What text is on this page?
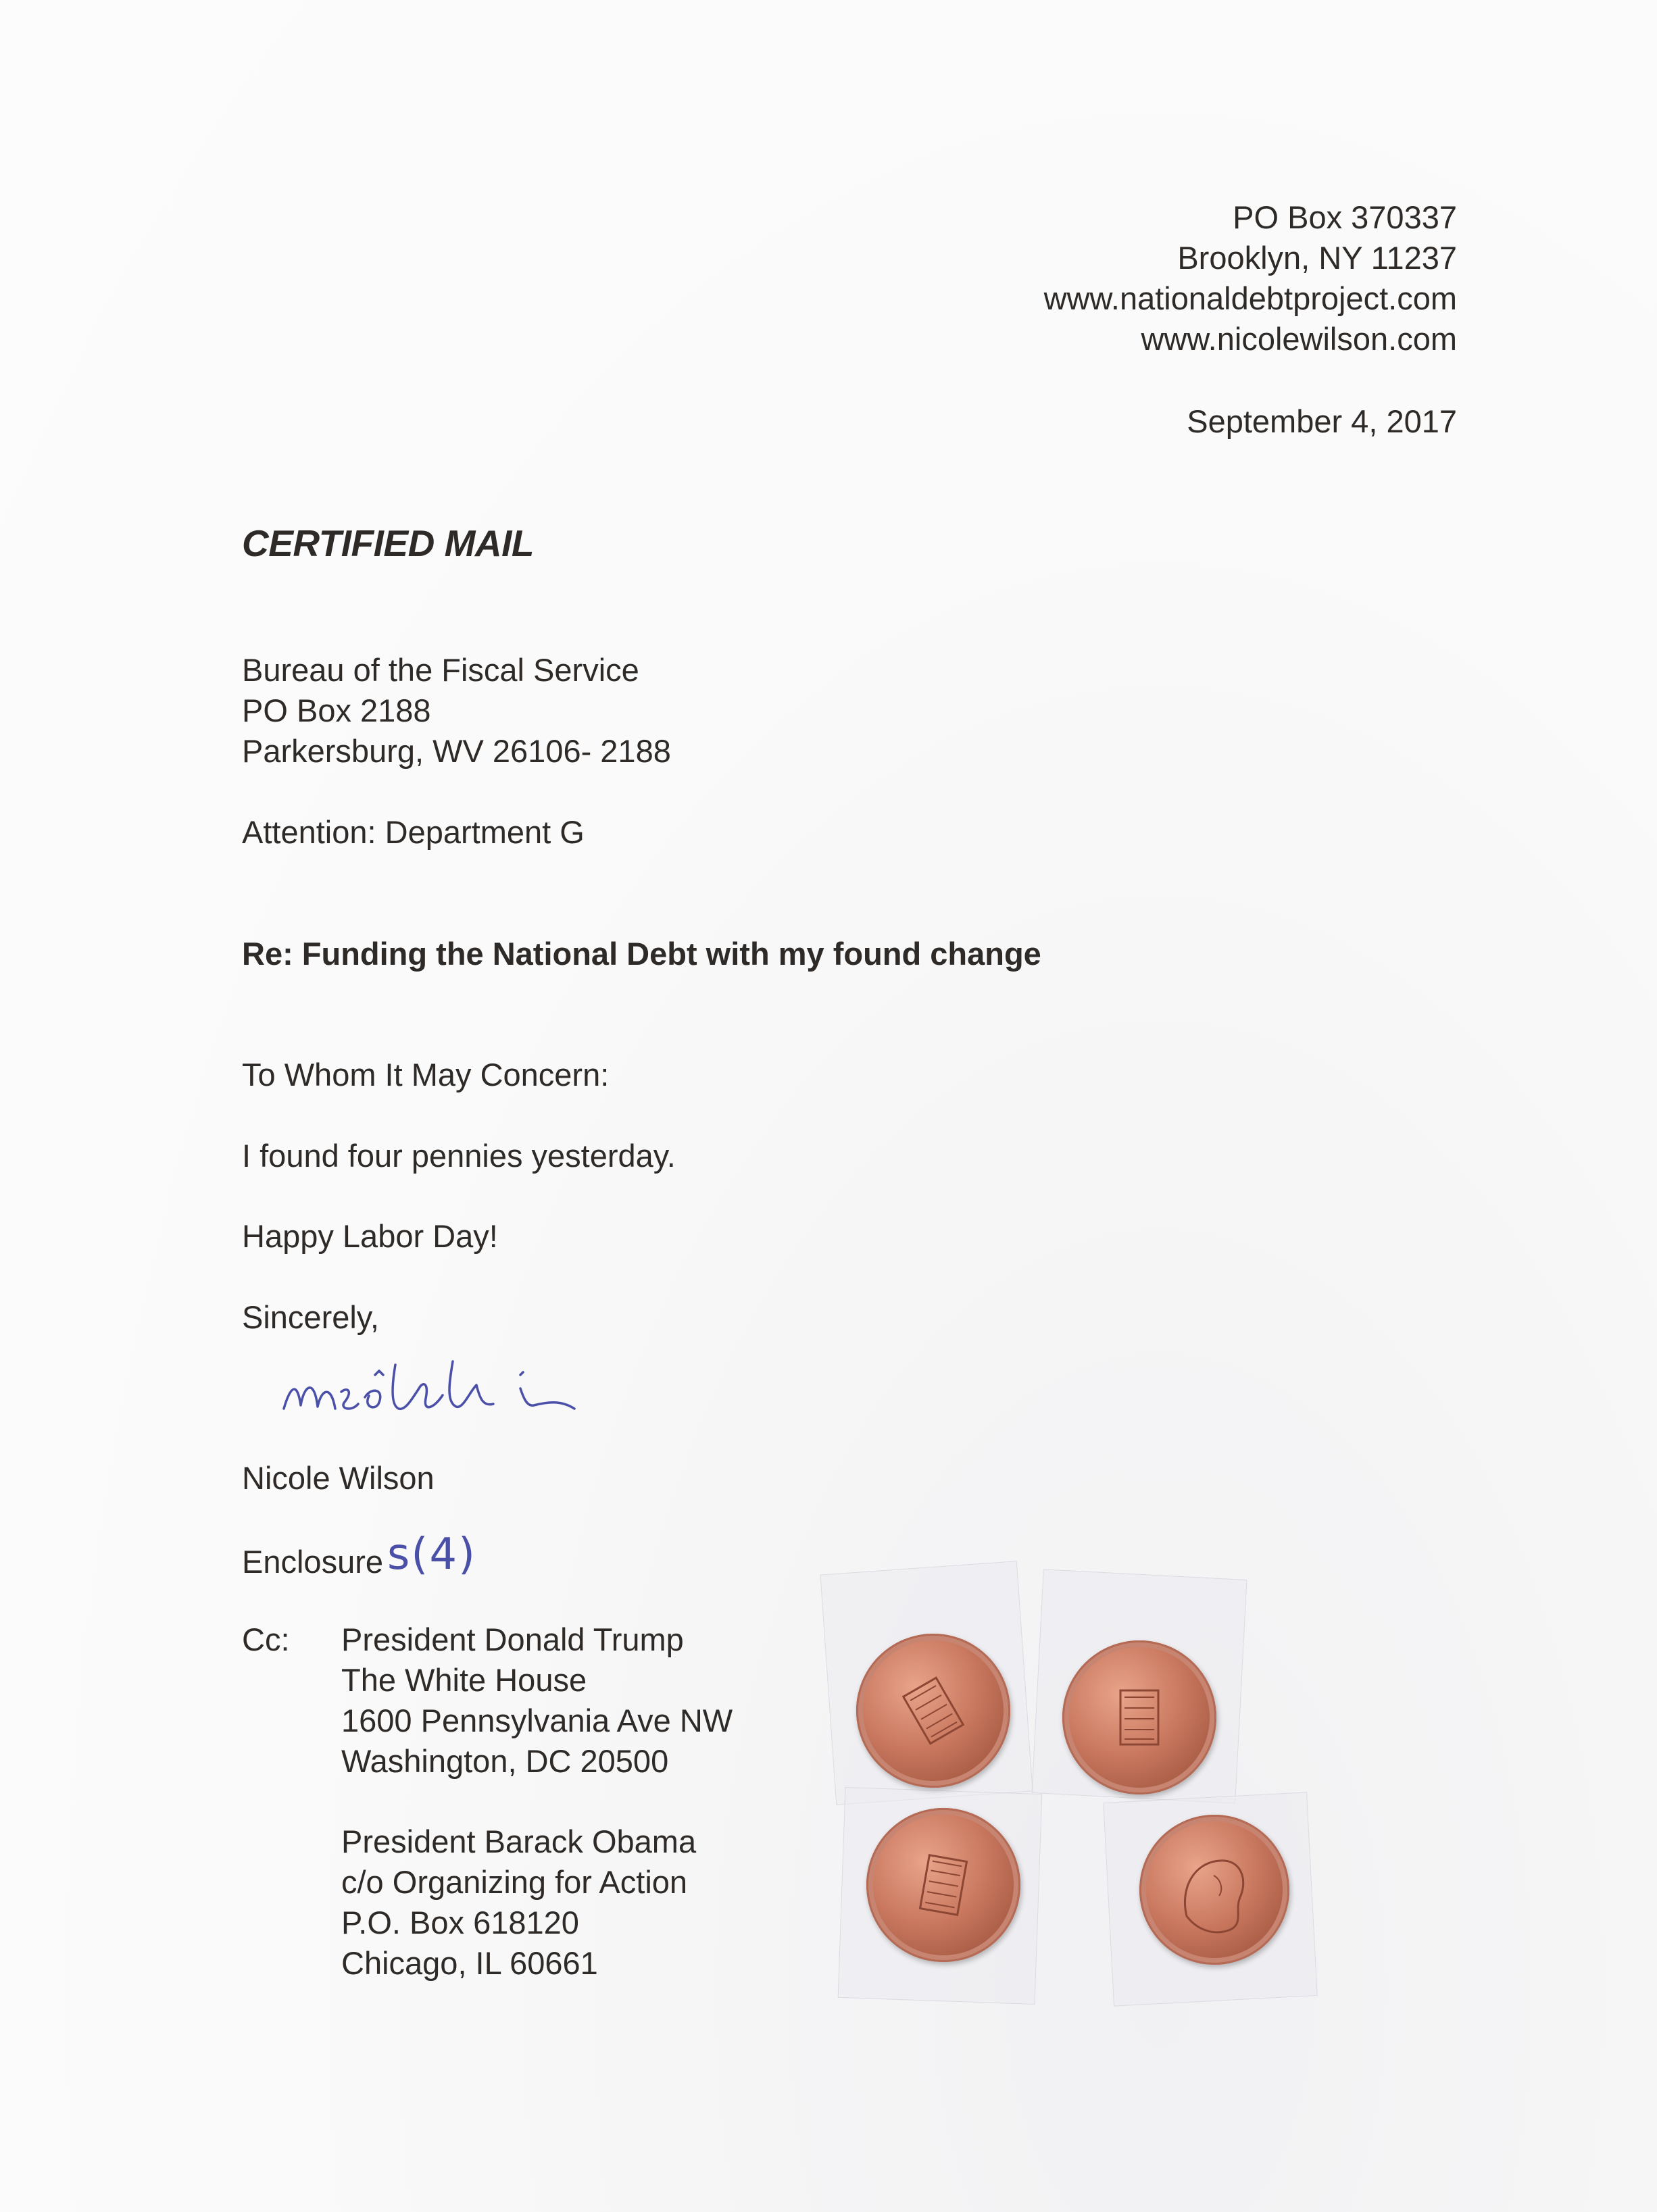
PO Box 370337
Brooklyn, NY 11237
www.nationaldebtproject.com
www.nicolewilson.com
September 4, 2017
CERTIFIED MAIL
Bureau of the Fiscal Service
PO Box 2188
Parkersburg, WV 26106- 2188
Attention: Department G
Re: Funding the National Debt with my found change
To Whom It May Concern:
I found four pennies yesterday.
Happy Labor Day!
Sincerely,
Nicole Wilson
Enclosures(4)
Cc: President Donald Trump
The White House
1600 Pennsylvania Ave NW
Washington, DC 20500
President Barack Obama
c/o Organizing for Action
P.O. Box 618120
Chicago, IL 60661
